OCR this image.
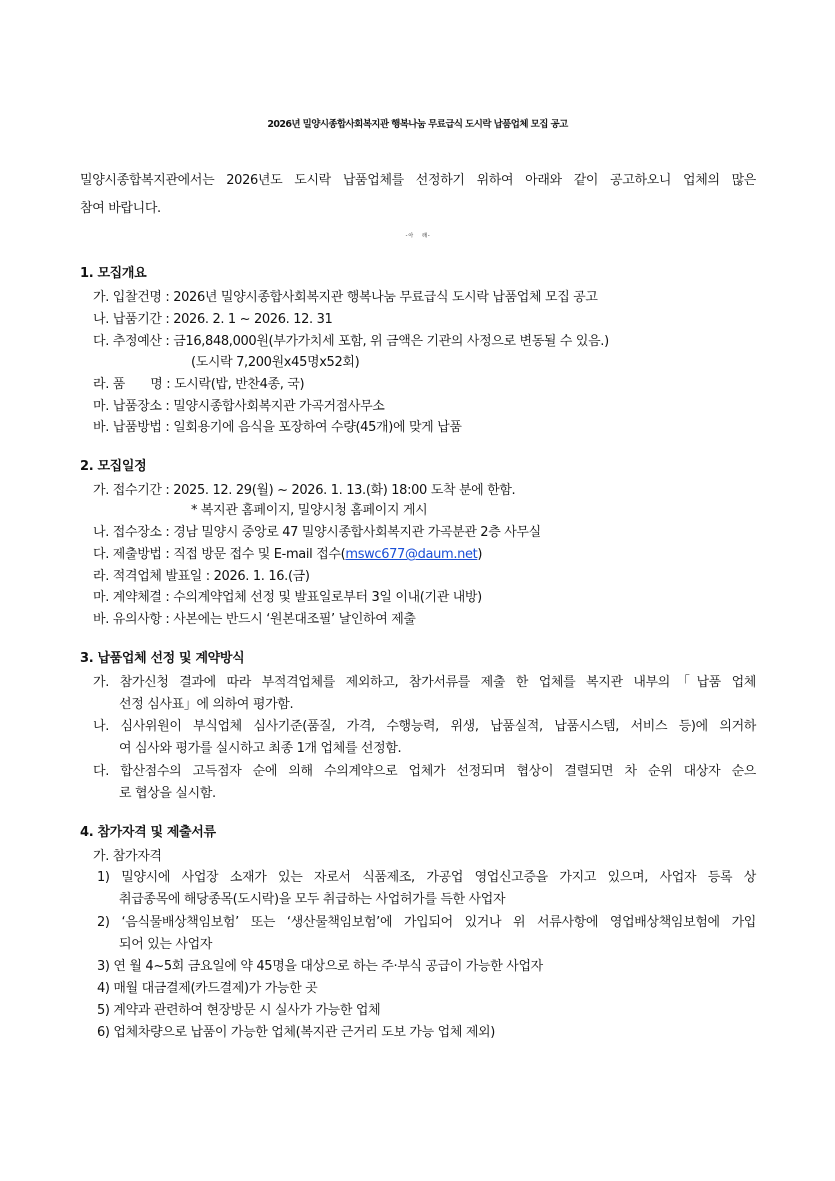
2026년 밀양시종합사회복지관 행복나눔 무료급식 도시락 납품업체 모집 공고
밀양시종합복지관에서는 2026년도 도시락 납품업체를 선정하기 위하여 아래와 같이 공고하오니 업체의 많은
참여 바랍니다.
- 아　　래 -
1. 모집개요
가. 입찰건명 : 2026년 밀양시종합사회복지관 행복나눔 무료급식 도시락 납품업체 모집 공고
나. 납품기간 : 2026. 2. 1 ~ 2026. 12. 31
다. 추정예산 : 금16,848,000원(부가가치세 포함, 위 금액은 기관의 사정으로 변동될 수 있음.)
(도시락 7,200원x45명x52회)
라. 품　　명 : 도시락(밥, 반찬4종, 국)
마. 납품장소 : 밀양시종합사회복지관 가곡거점사무소
바. 납품방법 : 일회용기에 음식을 포장하여 수량(45개)에 맞게 납품
2. 모집일정
가. 접수기간 : 2025. 12. 29(월) ~ 2026. 1. 13.(화) 18:00 도착 분에 한함.
* 복지관 홈페이지, 밀양시청 홈페이지 게시
나. 접수장소 : 경남 밀양시 중앙로 47 밀양시종합사회복지관 가곡분관 2층 사무실
다. 제출방법 : 직접 방문 접수 및 E-mail 접수(mswc677@daum.net)
라. 적격업체 발표일 : 2026. 1. 16.(금)
마. 계약체결 : 수의계약업체 선정 및 발표일로부터 3일 이내(기관 내방)
바. 유의사항 : 사본에는 반드시 ‘원본대조필’ 날인하여 제출
3. 납품업체 선정 및 계약방식
가. 참가신청 결과에 따라 부적격업체를 제외하고, 참가서류를 제출 한 업체를 복지관 내부의「납품 업체
선정 심사표」에 의하여 평가함.
나. 심사위원이 부식업체 심사기준(품질, 가격, 수행능력, 위생, 납품실적, 납품시스템, 서비스 등)에 의거하
여 심사와 평가를 실시하고 최종 1개 업체를 선정함.
다. 합산점수의 고득점자 순에 의해 수의계약으로 업체가 선정되며 협상이 결렬되면 차 순위 대상자 순으
로 협상을 실시함.
4. 참가자격 및 제출서류
가. 참가자격
1) 밀양시에 사업장 소재가 있는 자로서 식품제조, 가공업 영업신고증을 가지고 있으며, 사업자 등록 상
취급종목에 해당종목(도시락)을 모두 취급하는 사업허가를 득한 사업자
2) ‘음식물배상책임보험’ 또는 ‘생산물책임보험’에 가입되어 있거나 위 서류사항에 영업배상책임보험에 가입
되어 있는 사업자
3) 연 월 4~5회 금요일에 약 45명을 대상으로 하는 주·부식 공급이 가능한 사업자
4) 매월 대금결제(카드결제)가 가능한 곳
5) 계약과 관련하여 현장방문 시 실사가 가능한 업체
6) 업체차량으로 납품이 가능한 업체(복지관 근거리 도보 가능 업체 제외)
